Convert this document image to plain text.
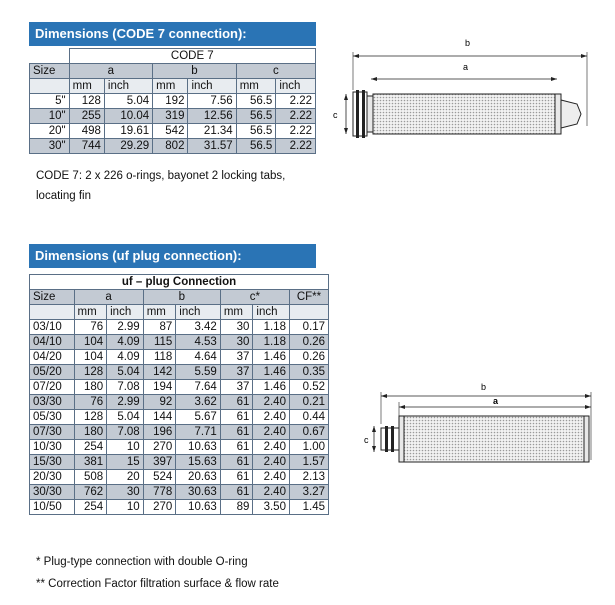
Dimensions (CODE 7 connection):
	CODE 7					
Size	a		b		c	
	mm	inch	mm	inch	mm	inch
5"	128	5.04	192	7.56	56.5	2.22
10"	255	10.04	319	12.56	56.5	2.22
20"	498	19.61	542	21.34	56.5	2.22
30"	744	29.29	802	31.57	56.5	2.22
CODE 7: 2 x 226 o-rings, bayonet 2 locking tabs,
locating fin
Dimensions (uf plug connection):
uf – plug Connection							
Size	a		b		c*		CF**
	mm	inch	mm	inch	mm	inch	
03/10	76	2.99	87	3.42	30	1.18	0.17
04/10	104	4.09	115	4.53	30	1.18	0.26
04/20	104	4.09	118	4.64	37	1.46	0.26
05/20	128	5.04	142	5.59	37	1.46	0.35
07/20	180	7.08	194	7.64	37	1.46	0.52
03/30	76	2.99	92	3.62	61	2.40	0.21
05/30	128	5.04	144	5.67	61	2.40	0.44
07/30	180	7.08	196	7.71	61	2.40	0.67
10/30	254	10	270	10.63	61	2.40	1.00
15/30	381	15	397	15.63	61	2.40	1.57
20/30	508	20	524	20.63	61	2.40	2.13
30/30	762	30	778	30.63	61	2.40	3.27
10/50	254	10	270	10.63	89	3.50	1.45
* Plug-type connection with double O-ring
** Correction Factor filtration surface & flow rate
b
a
c
b
a
c
